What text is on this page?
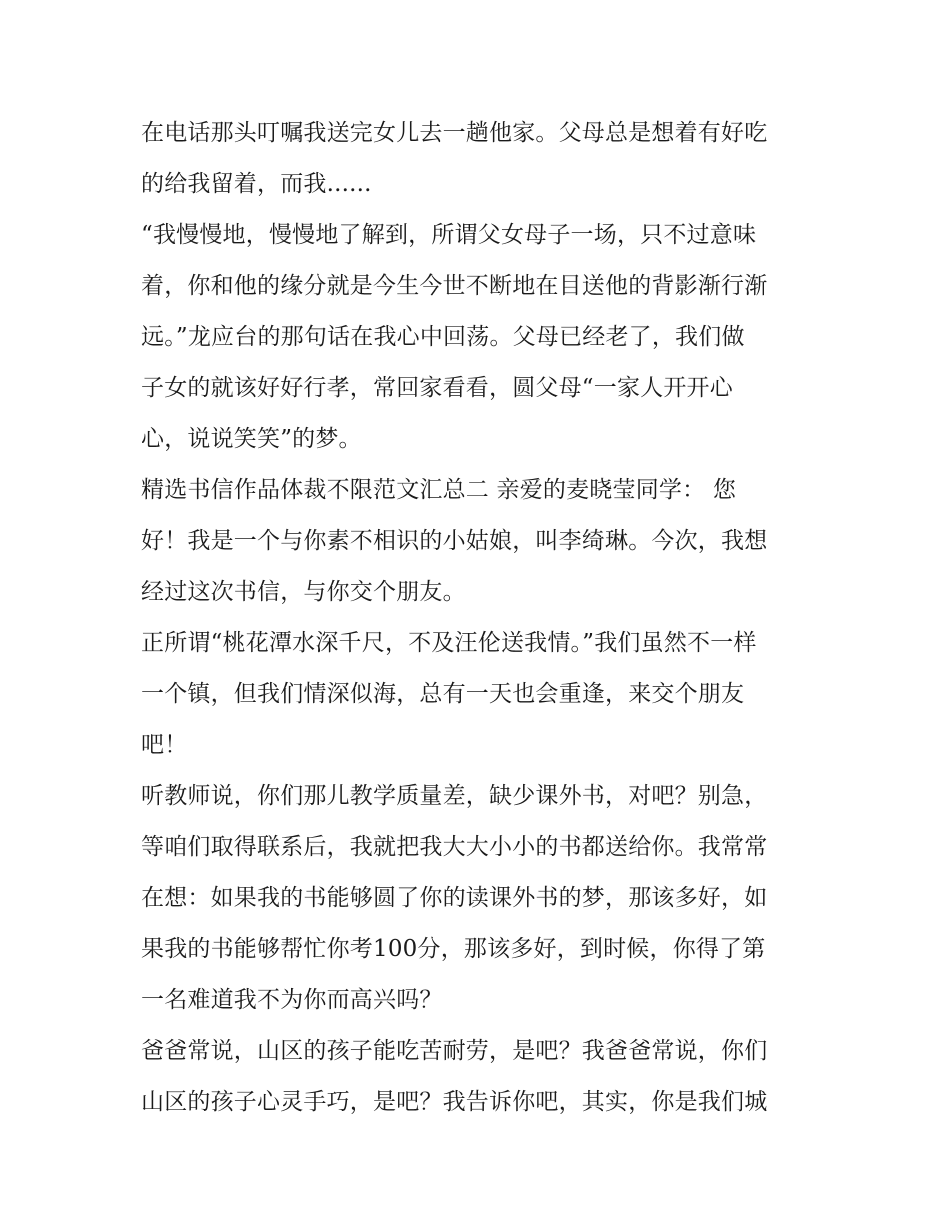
在电话那头叮嘱我送完女儿去一趟他家。父母总是想着有好吃
的给我留着，而我......
“我慢慢地，慢慢地了解到，所谓父女母子一场，只不过意味
着，你和他的缘分就是今生今世不断地在目送他的背影渐行渐
远。”龙应台的那句话在我心中回荡。父母已经老了，我们做
子女的就该好好行孝，常回家看看，圆父母“一家人开开心
心，说说笑笑”的梦。
精选书信作品体裁不限范文汇总二 亲爱的麦晓莹同学： 您
好！我是一个与你素不相识的小姑娘，叫李绮琳。今次，我想
经过这次书信，与你交个朋友。
正所谓“桃花潭水深千尺，不及汪伦送我情。”我们虽然不一样
一个镇，但我们情深似海，总有一天也会重逢，来交个朋友
吧！
听教师说，你们那儿教学质量差，缺少课外书，对吧？别急，
等咱们取得联系后，我就把我大大小小的书都送给你。我常常
在想：如果我的书能够圆了你的读课外书的梦，那该多好，如
果我的书能够帮忙你考100分，那该多好，到时候，你得了第
一名难道我不为你而高兴吗？
爸爸常说，山区的孩子能吃苦耐劳，是吧？我爸爸常说，你们
山区的孩子心灵手巧，是吧？我告诉你吧，其实，你是我们城
